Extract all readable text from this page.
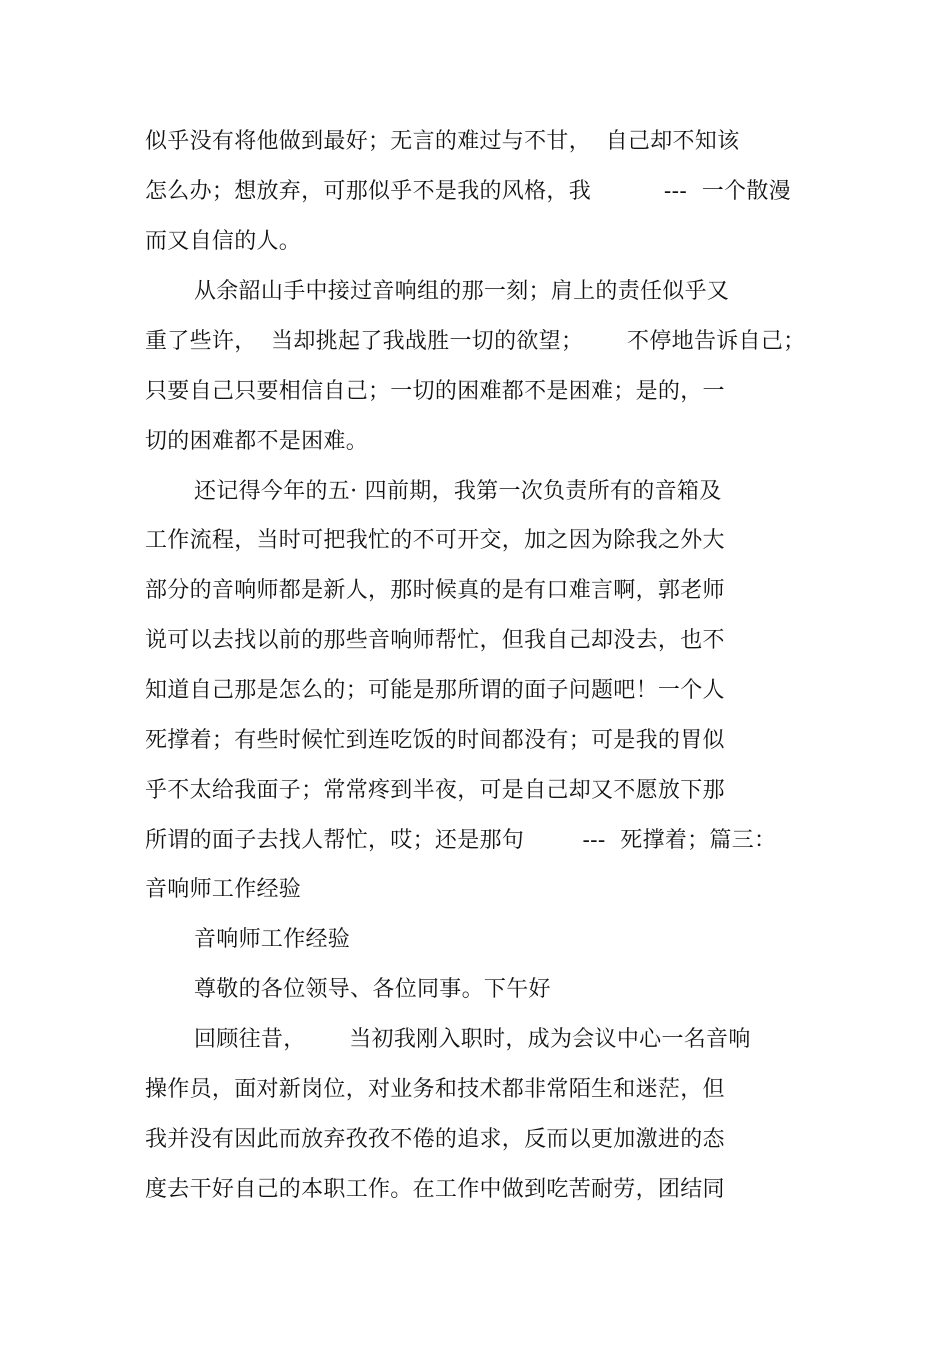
似乎没有将他做到最好；无言的难过与不甘，  自己却不知该
怎么办；想放弃，可那似乎不是我的风格，我          ---  一个散漫
而又自信的人。
从余韶山手中接过音响组的那一刻；肩上的责任似乎又
重了些许，  当却挑起了我战胜一切的欲望；      不停地告诉自己；
只要自己只要相信自己；一切的困难都不是困难；是的，一
切的困难都不是困难。
还记得今年的五· 四前期，我第一次负责所有的音箱及
工作流程，当时可把我忙的不可开交，加之因为除我之外大
部分的音响师都是新人，那时候真的是有口难言啊，郭老师
说可以去找以前的那些音响师帮忙，但我自己却没去，也不
知道自己那是怎么的；可能是那所谓的面子问题吧！一个人
死撑着；有些时候忙到连吃饭的时间都没有；可是我的胃似
乎不太给我面子；常常疼到半夜，可是自己却又不愿放下那
所谓的面子去找人帮忙，哎；还是那句        ---  死撑着；篇三：
音响师工作经验
音响师工作经验
尊敬的各位领导、各位同事。下午好
回顾往昔，      当初我刚入职时，成为会议中心一名音响
操作员，面对新岗位，对业务和技术都非常陌生和迷茫，但
我并没有因此而放弃孜孜不倦的追求，反而以更加激进的态
度去干好自己的本职工作。在工作中做到吃苦耐劳，团结同
